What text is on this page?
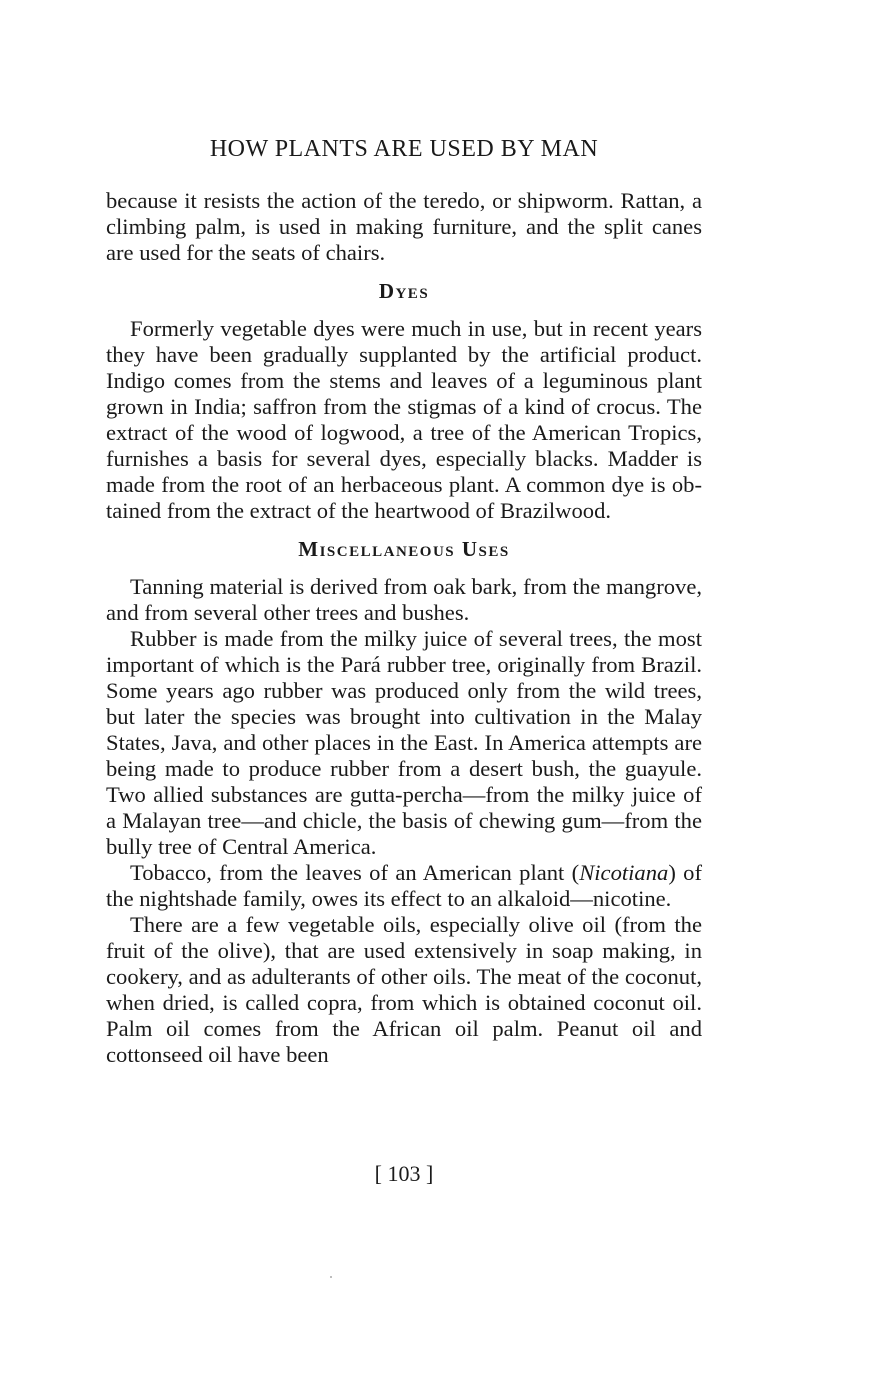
HOW PLANTS ARE USED BY MAN

because it resists the action of the teredo, or shipworm. Rattan, a climbing palm, is used in making furniture, and the split canes are used for the seats of chairs.

Dyes

Formerly vegetable dyes were much in use, but in recent years they have been gradually supplanted by the artificial product. Indigo comes from the stems and leaves of a leguminous plant grown in India; saffron from the stigmas of a kind of crocus. The extract of the wood of logwood, a tree of the American Tropics, furnishes a basis for several dyes, especially blacks. Madder is made from the root of an herbaceous plant. A common dye is obtained from the extract of the heartwood of Brazilwood.

Miscellaneous Uses

Tanning material is derived from oak bark, from the mangrove, and from several other trees and bushes.

Rubber is made from the milky juice of several trees, the most important of which is the Pará rubber tree, originally from Brazil. Some years ago rubber was produced only from the wild trees, but later the species was brought into cultivation in the Malay States, Java, and other places in the East. In America attempts are being made to produce rubber from a desert bush, the guayule. Two allied substances are gutta-percha—from the milky juice of a Malayan tree—and chicle, the basis of chewing gum—from the bully tree of Central America.

Tobacco, from the leaves of an American plant (Nicotiana) of the nightshade family, owes its effect to an alkaloid—nicotine.

There are a few vegetable oils, especially olive oil (from the fruit of the olive), that are used extensively in soap making, in cookery, and as adulterants of other oils. The meat of the coconut, when dried, is called copra, from which is obtained coconut oil. Palm oil comes from the African oil palm. Peanut oil and cottonseed oil have been

[ 103 ]
